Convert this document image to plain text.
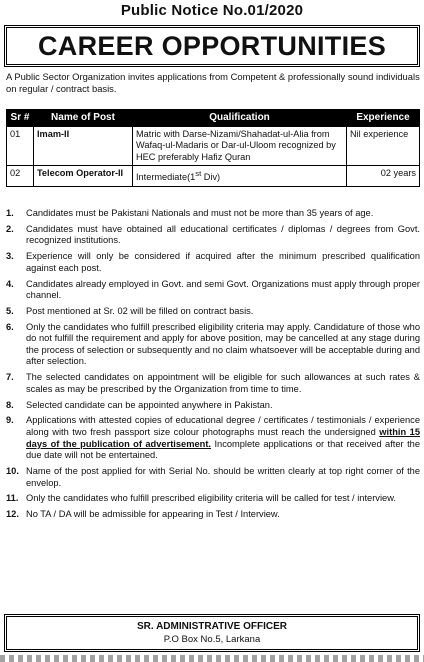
Public Notice No.01/2020
CAREER OPPORTUNITIES
A Public Sector Organization invites applications from Competent & professionally sound individuals on regular / contract basis.
Sr #	Name of Post	Qualification	Experience
01	Imam-II	Matric with Darse-Nizami/Shahadat-ul-Alia from Wafaq-ul-Madaris or Dar-ul-Uloom recognized by HEC preferably Hafiz Quran	Nil experience
02	Telecom Operator-II	Intermediate(1st Div)	02 years
1.	Candidates must be Pakistani Nationals and must not be more than 35 years of age.
2.	Candidates must have obtained all educational certificates / diplomas / degrees from Govt. recognized institutions.
3.	Experience will only be considered if acquired after the minimum prescribed qualification against each post.
4.	Candidates already employed in Govt. and semi Govt. Organizations must apply through proper channel.
5.	Post mentioned at Sr. 02 will be filled on contract basis.
6.	Only the candidates who fulfill prescribed eligibility criteria may apply. Candidature of those who do not fulfill the requirement and apply for above position, may be cancelled at any stage during the process of selection or subsequently and no claim whatsoever will be acceptable during and after selection.
7.	The selected candidates on appointment will be eligible for such allowances at such rates & scales as may be prescribed by the Organization from time to time.
8.	Selected candidate can be appointed anywhere in Pakistan.
9.	Applications with attested copies of educational degree / certificates / testimonials / experience along with two fresh passport size colour photographs must reach the undersigned within 15 days of the publication of advertisement. Incomplete applications or that received after the due date will not be entertained.
10. Name of the post applied for with Serial No. should be written clearly at top right corner of the envelop.
11. Only the candidates who fulfill prescribed eligibility criteria will be called for test / interview.
12. No TA / DA will be admissible for appearing in Test / Interview.
SR. ADMINISTRATIVE OFFICER
P.O Box No.5, Larkana
